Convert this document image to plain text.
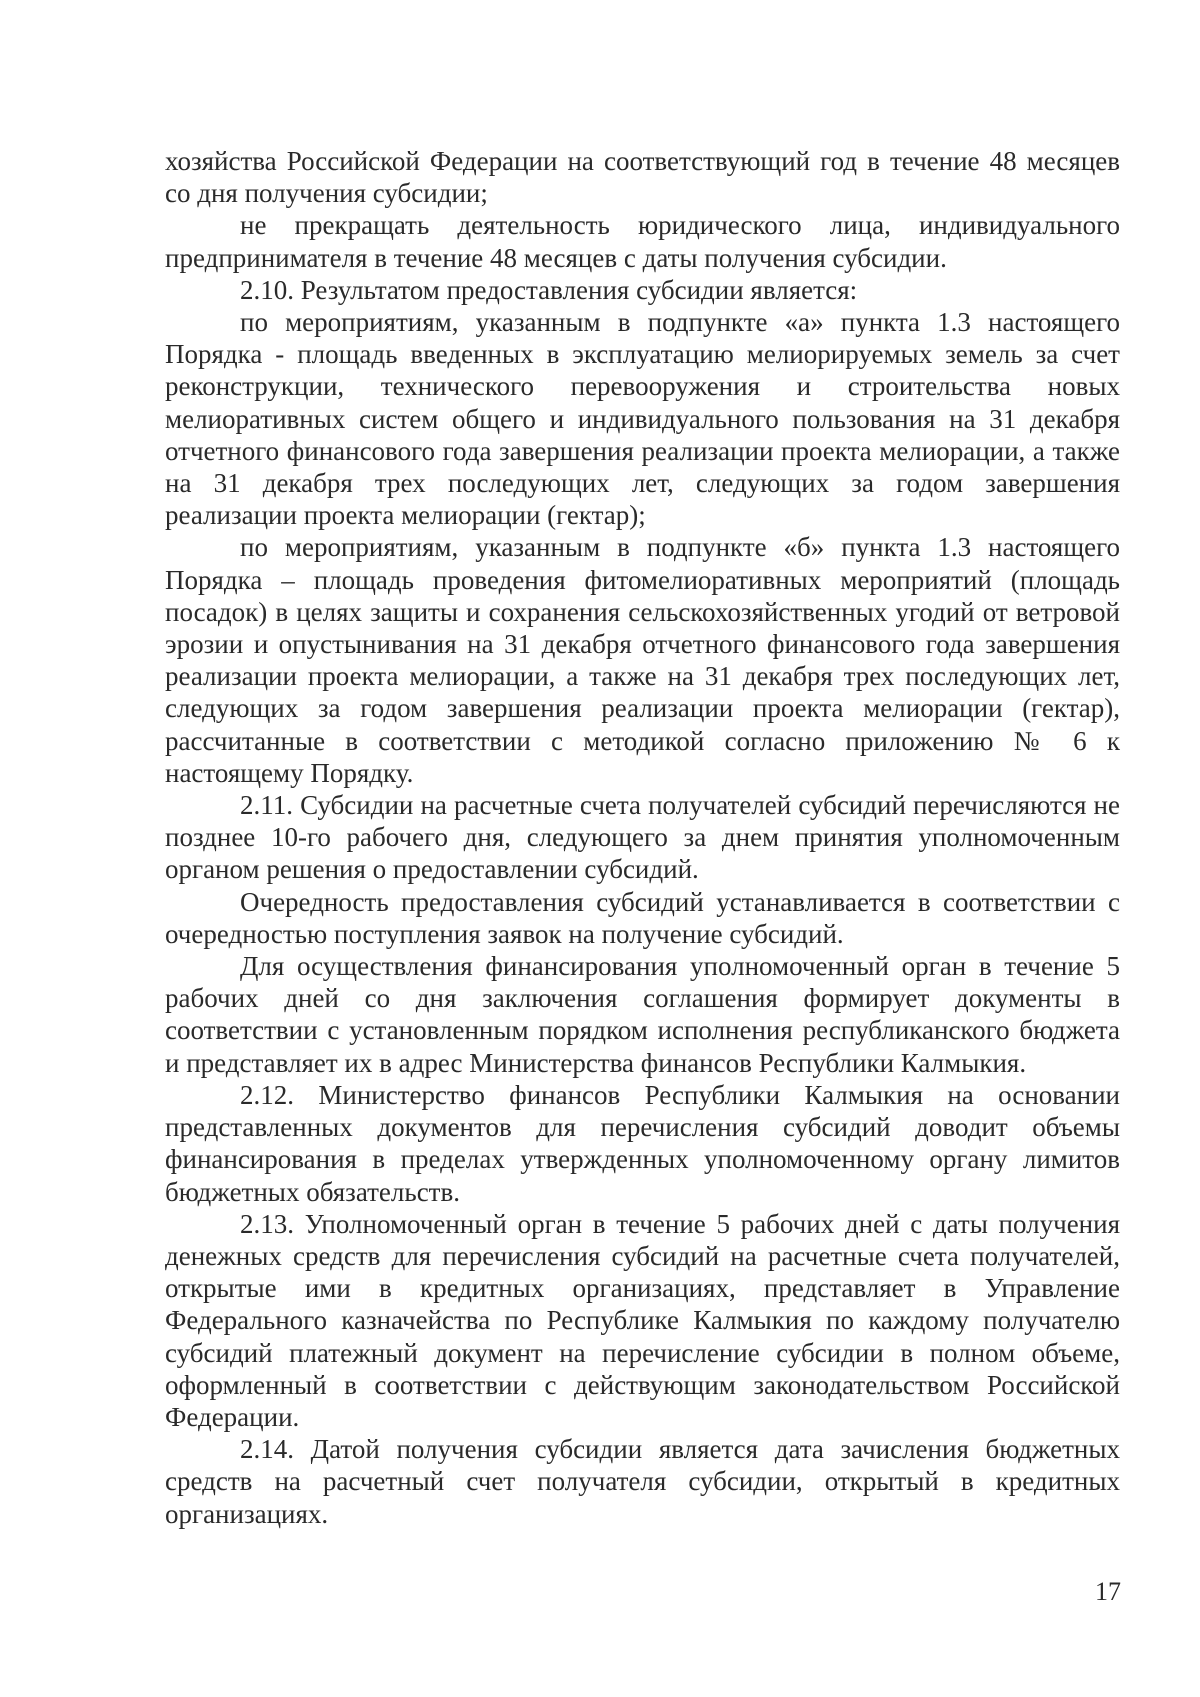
хозяйства Российской Федерации на соответствующий год в течение 48 месяцев со дня получения субсидии;

не прекращать деятельность юридического лица, индивидуального предпринимателя в течение 48 месяцев с даты получения субсидии.

2.10. Результатом предоставления субсидии является:

по мероприятиям, указанным в подпункте «а» пункта 1.3 настоящего Порядка - площадь введенных в эксплуатацию мелиорируемых земель за счет реконструкции, технического перевооружения и строительства новых мелиоративных систем общего и индивидуального пользования на 31 декабря отчетного финансового года завершения реализации проекта мелиорации, а также на 31 декабря трех последующих лет, следующих за годом завершения реализации проекта мелиорации (гектар);

по мероприятиям, указанным в подпункте «б» пункта 1.3 настоящего Порядка – площадь проведения фитомелиоративных мероприятий (площадь посадок) в целях защиты и сохранения сельскохозяйственных угодий от ветровой эрозии и опустынивания на 31 декабря отчетного финансового года завершения реализации проекта мелиорации, а также на 31 декабря трех последующих лет, следующих за годом завершения реализации проекта мелиорации (гектар), рассчитанные в соответствии с методикой согласно приложению № 6 к настоящему Порядку.

2.11. Субсидии на расчетные счета получателей субсидий перечисляются не позднее 10-го рабочего дня, следующего за днем принятия уполномоченным органом решения о предоставлении субсидий.

Очередность предоставления субсидий устанавливается в соответствии с очередностью поступления заявок на получение субсидий.

Для осуществления финансирования уполномоченный орган в течение 5 рабочих дней со дня заключения соглашения формирует документы в соответствии с установленным порядком исполнения республиканского бюджета и представляет их в адрес Министерства финансов Республики Калмыкия.

2.12. Министерство финансов Республики Калмыкия на основании представленных документов для перечисления субсидий доводит объемы финансирования в пределах утвержденных уполномоченному органу лимитов бюджетных обязательств.

2.13. Уполномоченный орган в течение 5 рабочих дней с даты получения денежных средств для перечисления субсидий на расчетные счета получателей, открытые ими в кредитных организациях, представляет в Управление Федерального казначейства по Республике Калмыкия по каждому получателю субсидий платежный документ на перечисление субсидии в полном объеме, оформленный в соответствии с действующим законодательством Российской Федерации.

2.14. Датой получения субсидии является дата зачисления бюджетных средств на расчетный счет получателя субсидии, открытый в кредитных организациях.

17
